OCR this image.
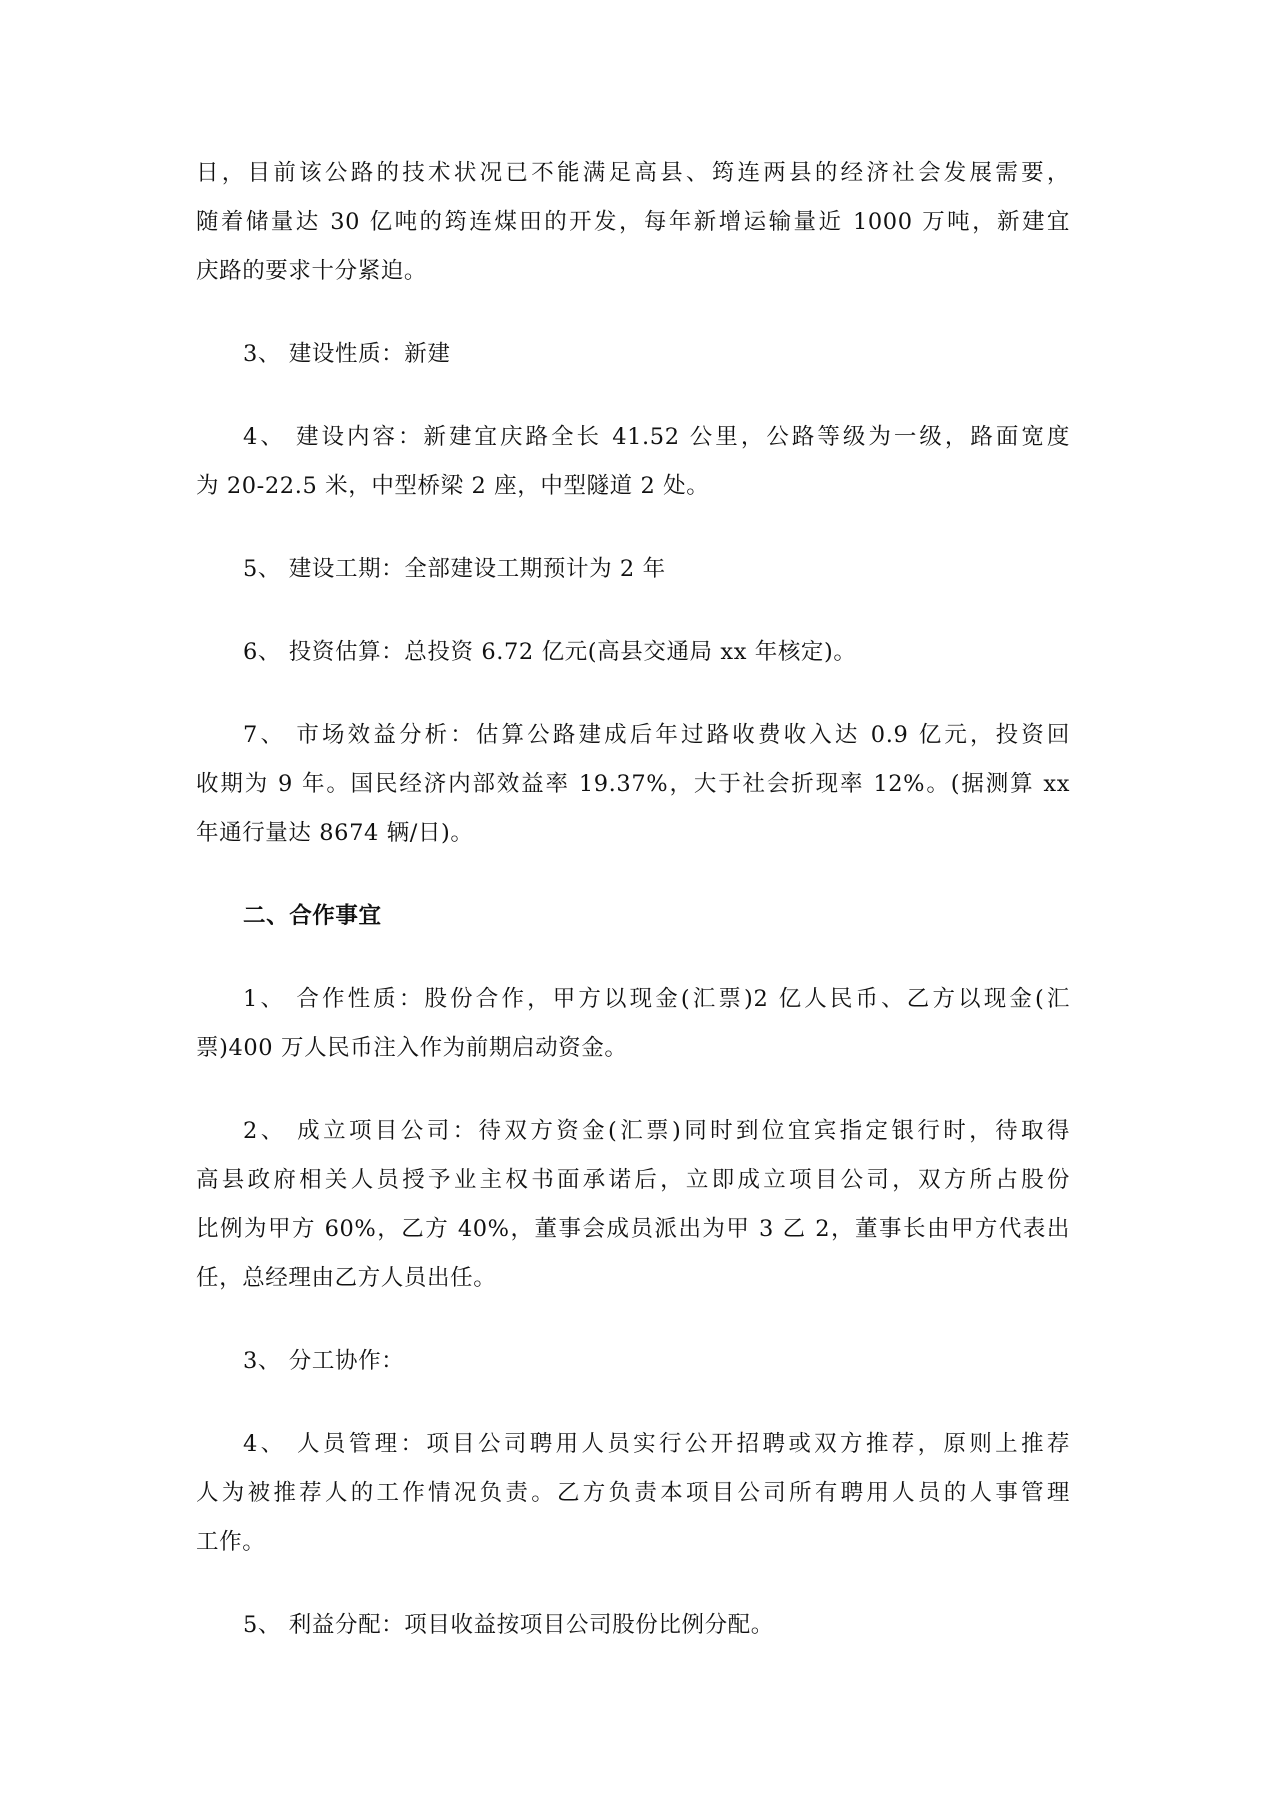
日，目前该公路的技术状况已不能满足高县、筠连两县的经济社会发展需要，
随着储量达 30 亿吨的筠连煤田的开发，每年新增运输量近 1000 万吨，新建宜
庆路的要求十分紧迫。
3、 建设性质：新建
4、 建设内容：新建宜庆路全长 41.52 公里，公路等级为一级，路面宽度
为 20-22.5 米，中型桥梁 2 座，中型隧道 2 处。
5、 建设工期：全部建设工期预计为 2 年
6、 投资估算：总投资 6.72 亿元(高县交通局 xx 年核定)。
7、 市场效益分析：估算公路建成后年过路收费收入达 0.9 亿元，投资回
收期为 9 年。国民经济内部效益率 19.37%，大于社会折现率 12%。(据测算 xx
年通行量达 8674 辆/日)。
二、合作事宜
1、 合作性质：股份合作，甲方以现金(汇票)2 亿人民币、乙方以现金(汇
票)400 万人民币注入作为前期启动资金。
2、 成立项目公司：待双方资金(汇票)同时到位宜宾指定银行时，待取得
高县政府相关人员授予业主权书面承诺后，立即成立项目公司，双方所占股份
比例为甲方 60%，乙方 40%，董事会成员派出为甲 3 乙 2，董事长由甲方代表出
任，总经理由乙方人员出任。
3、 分工协作：
4、 人员管理：项目公司聘用人员实行公开招聘或双方推荐，原则上推荐
人为被推荐人的工作情况负责。乙方负责本项目公司所有聘用人员的人事管理
工作。
5、 利益分配：项目收益按项目公司股份比例分配。
